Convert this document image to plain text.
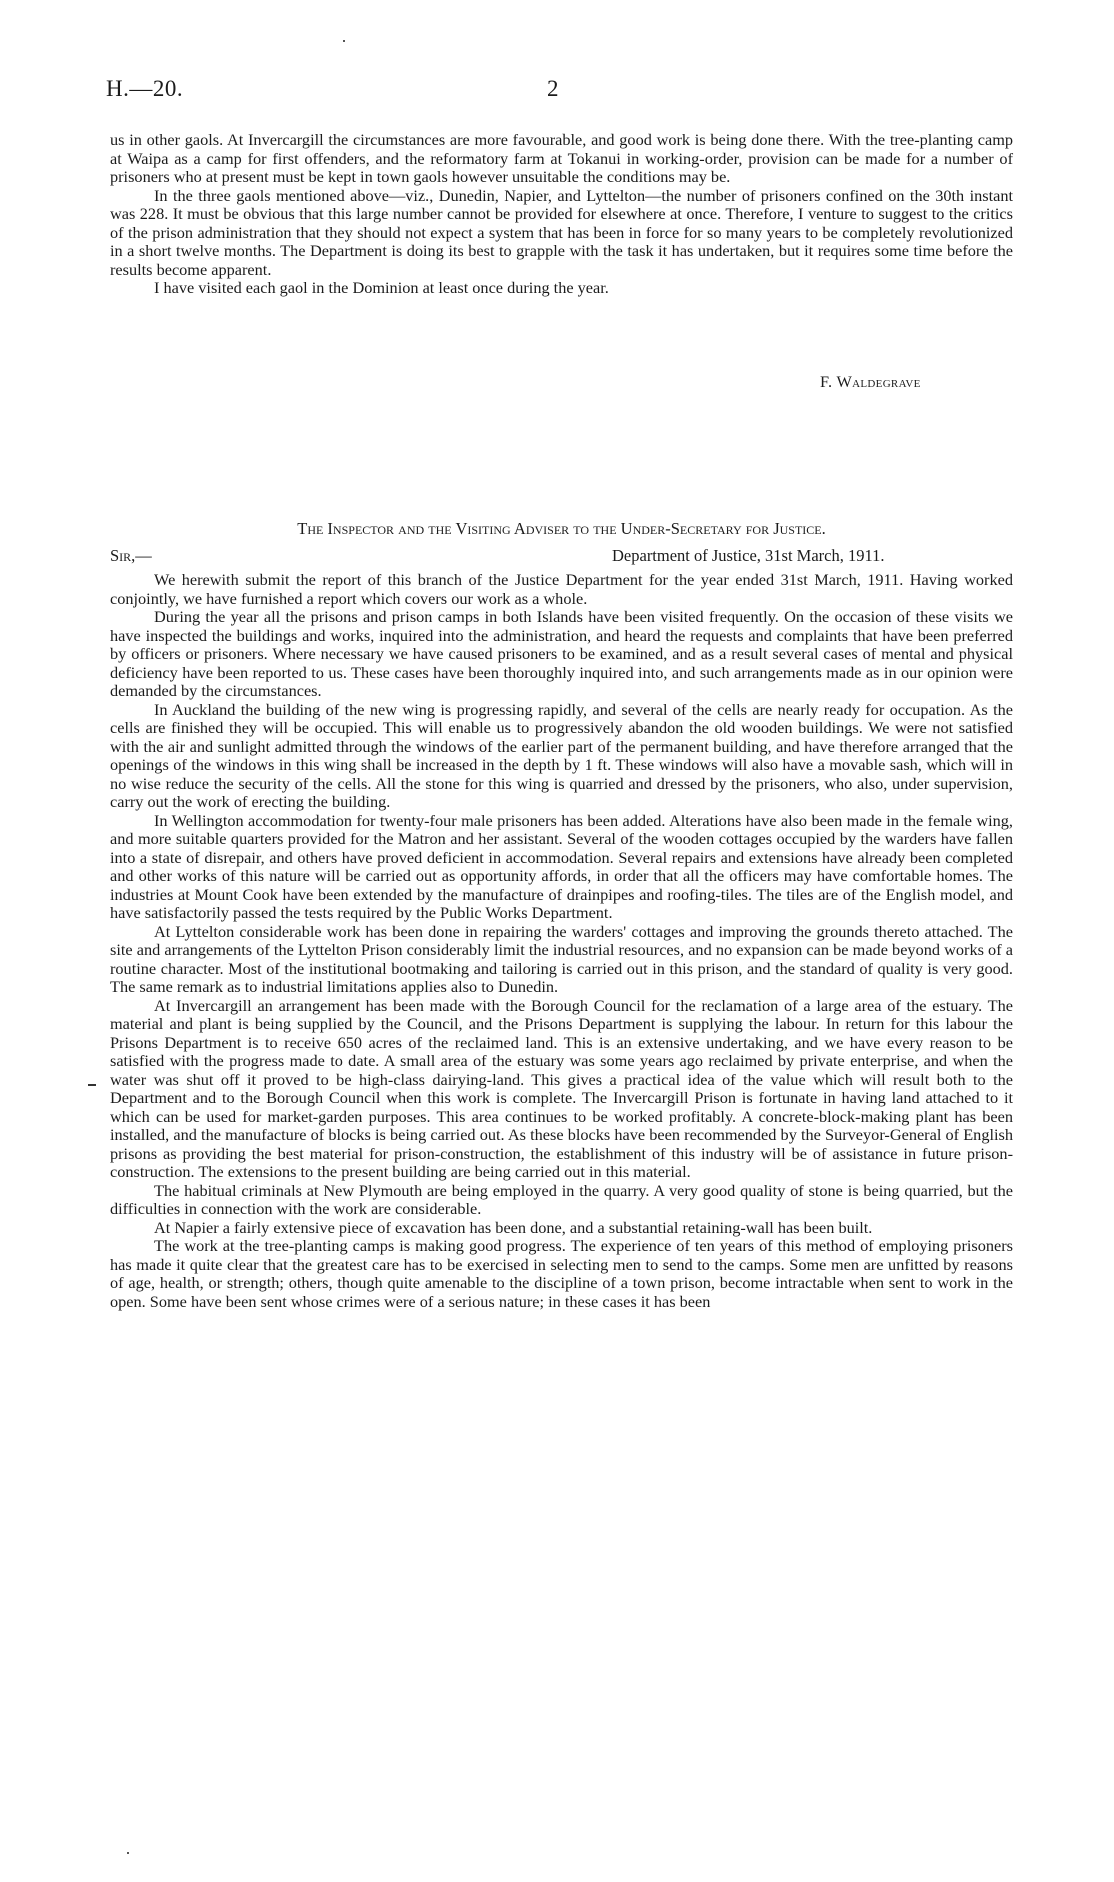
H.—20.	2

us in other gaols. At Invercargill the circumstances are more favourable, and good work is being done there. With the tree-planting camp at Waipa as a camp for first offenders, and the reformatory farm at Tokanui in working-order, provision can be made for a number of prisoners who at present must be kept in town gaols however unsuitable the conditions may be.

In the three gaols mentioned above—viz., Dunedin, Napier, and Lyttelton—the number of prisoners confined on the 30th instant was 228. It must be obvious that this large number cannot be provided for elsewhere at once. Therefore, I venture to suggest to the critics of the prison administration that they should not expect a system that has been in force for so many years to be completely revolutionized in a short twelve months. The Department is doing its best to grapple with the task it has undertaken, but it requires some time before the results become apparent.

I have visited each gaol in the Dominion at least once during the year.

F. Waldegrave
The Inspector and the Visiting Adviser to the Under-Secretary for Justice.
Sir,—	Department of Justice, 31st March, 1911.

We herewith submit the report of this branch of the Justice Department for the year ended 31st March, 1911. Having worked conjointly, we have furnished a report which covers our work as a whole.

During the year all the prisons and prison camps in both Islands have been visited frequently. On the occasion of these visits we have inspected the buildings and works, inquired into the administration, and heard the requests and complaints that have been preferred by officers or prisoners. Where necessary we have caused prisoners to be examined, and as a result several cases of mental and physical deficiency have been reported to us. These cases have been thoroughly inquired into, and such arrangements made as in our opinion were demanded by the circumstances.

In Auckland the building of the new wing is progressing rapidly, and several of the cells are nearly ready for occupation. As the cells are finished they will be occupied. This will enable us to progressively abandon the old wooden buildings. We were not satisfied with the air and sunlight admitted through the windows of the earlier part of the permanent building, and have therefore arranged that the openings of the windows in this wing shall be increased in the depth by 1 ft. These windows will also have a movable sash, which will in no wise reduce the security of the cells. All the stone for this wing is quarried and dressed by the prisoners, who also, under supervision, carry out the work of erecting the building.

In Wellington accommodation for twenty-four male prisoners has been added. Alterations have also been made in the female wing, and more suitable quarters provided for the Matron and her assistant. Several of the wooden cottages occupied by the warders have fallen into a state of disrepair, and others have proved deficient in accommodation. Several repairs and extensions have already been completed and other works of this nature will be carried out as opportunity affords, in order that all the officers may have comfortable homes. The industries at Mount Cook have been extended by the manufacture of drainpipes and roofing-tiles. The tiles are of the English model, and have satisfactorily passed the tests required by the Public Works Department.

At Lyttelton considerable work has been done in repairing the warders' cottages and improving the grounds thereto attached. The site and arrangements of the Lyttelton Prison considerably limit the industrial resources, and no expansion can be made beyond works of a routine character. Most of the institutional bootmaking and tailoring is carried out in this prison, and the standard of quality is very good. The same remark as to industrial limitations applies also to Dunedin.

At Invercargill an arrangement has been made with the Borough Council for the reclamation of a large area of the estuary. The material and plant is being supplied by the Council, and the Prisons Department is supplying the labour. In return for this labour the Prisons Department is to receive 650 acres of the reclaimed land. This is an extensive undertaking, and we have every reason to be satisfied with the progress made to date. A small area of the estuary was some years ago reclaimed by private enterprise, and when the water was shut off it proved to be high-class dairying-land. This gives a practical idea of the value which will result both to the Department and to the Borough Council when this work is complete. The Invercargill Prison is fortunate in having land attached to it which can be used for market-garden purposes. This area continues to be worked profitably. A concrete-block-making plant has been installed, and the manufacture of blocks is being carried out. As these blocks have been recommended by the Surveyor-General of English prisons as providing the best material for prison-construction, the establishment of this industry will be of assistance in future prison-construction. The extensions to the present building are being carried out in this material.

The habitual criminals at New Plymouth are being employed in the quarry. A very good quality of stone is being quarried, but the difficulties in connection with the work are considerable.

At Napier a fairly extensive piece of excavation has been done, and a substantial retaining-wall has been built.

The work at the tree-planting camps is making good progress. The experience of ten years of this method of employing prisoners has made it quite clear that the greatest care has to be exercised in selecting men to send to the camps. Some men are unfitted by reasons of age, health, or strength; others, though quite amenable to the discipline of a town prison, become intractable when sent to work in the open. Some have been sent whose crimes were of a serious nature; in these cases it has been
